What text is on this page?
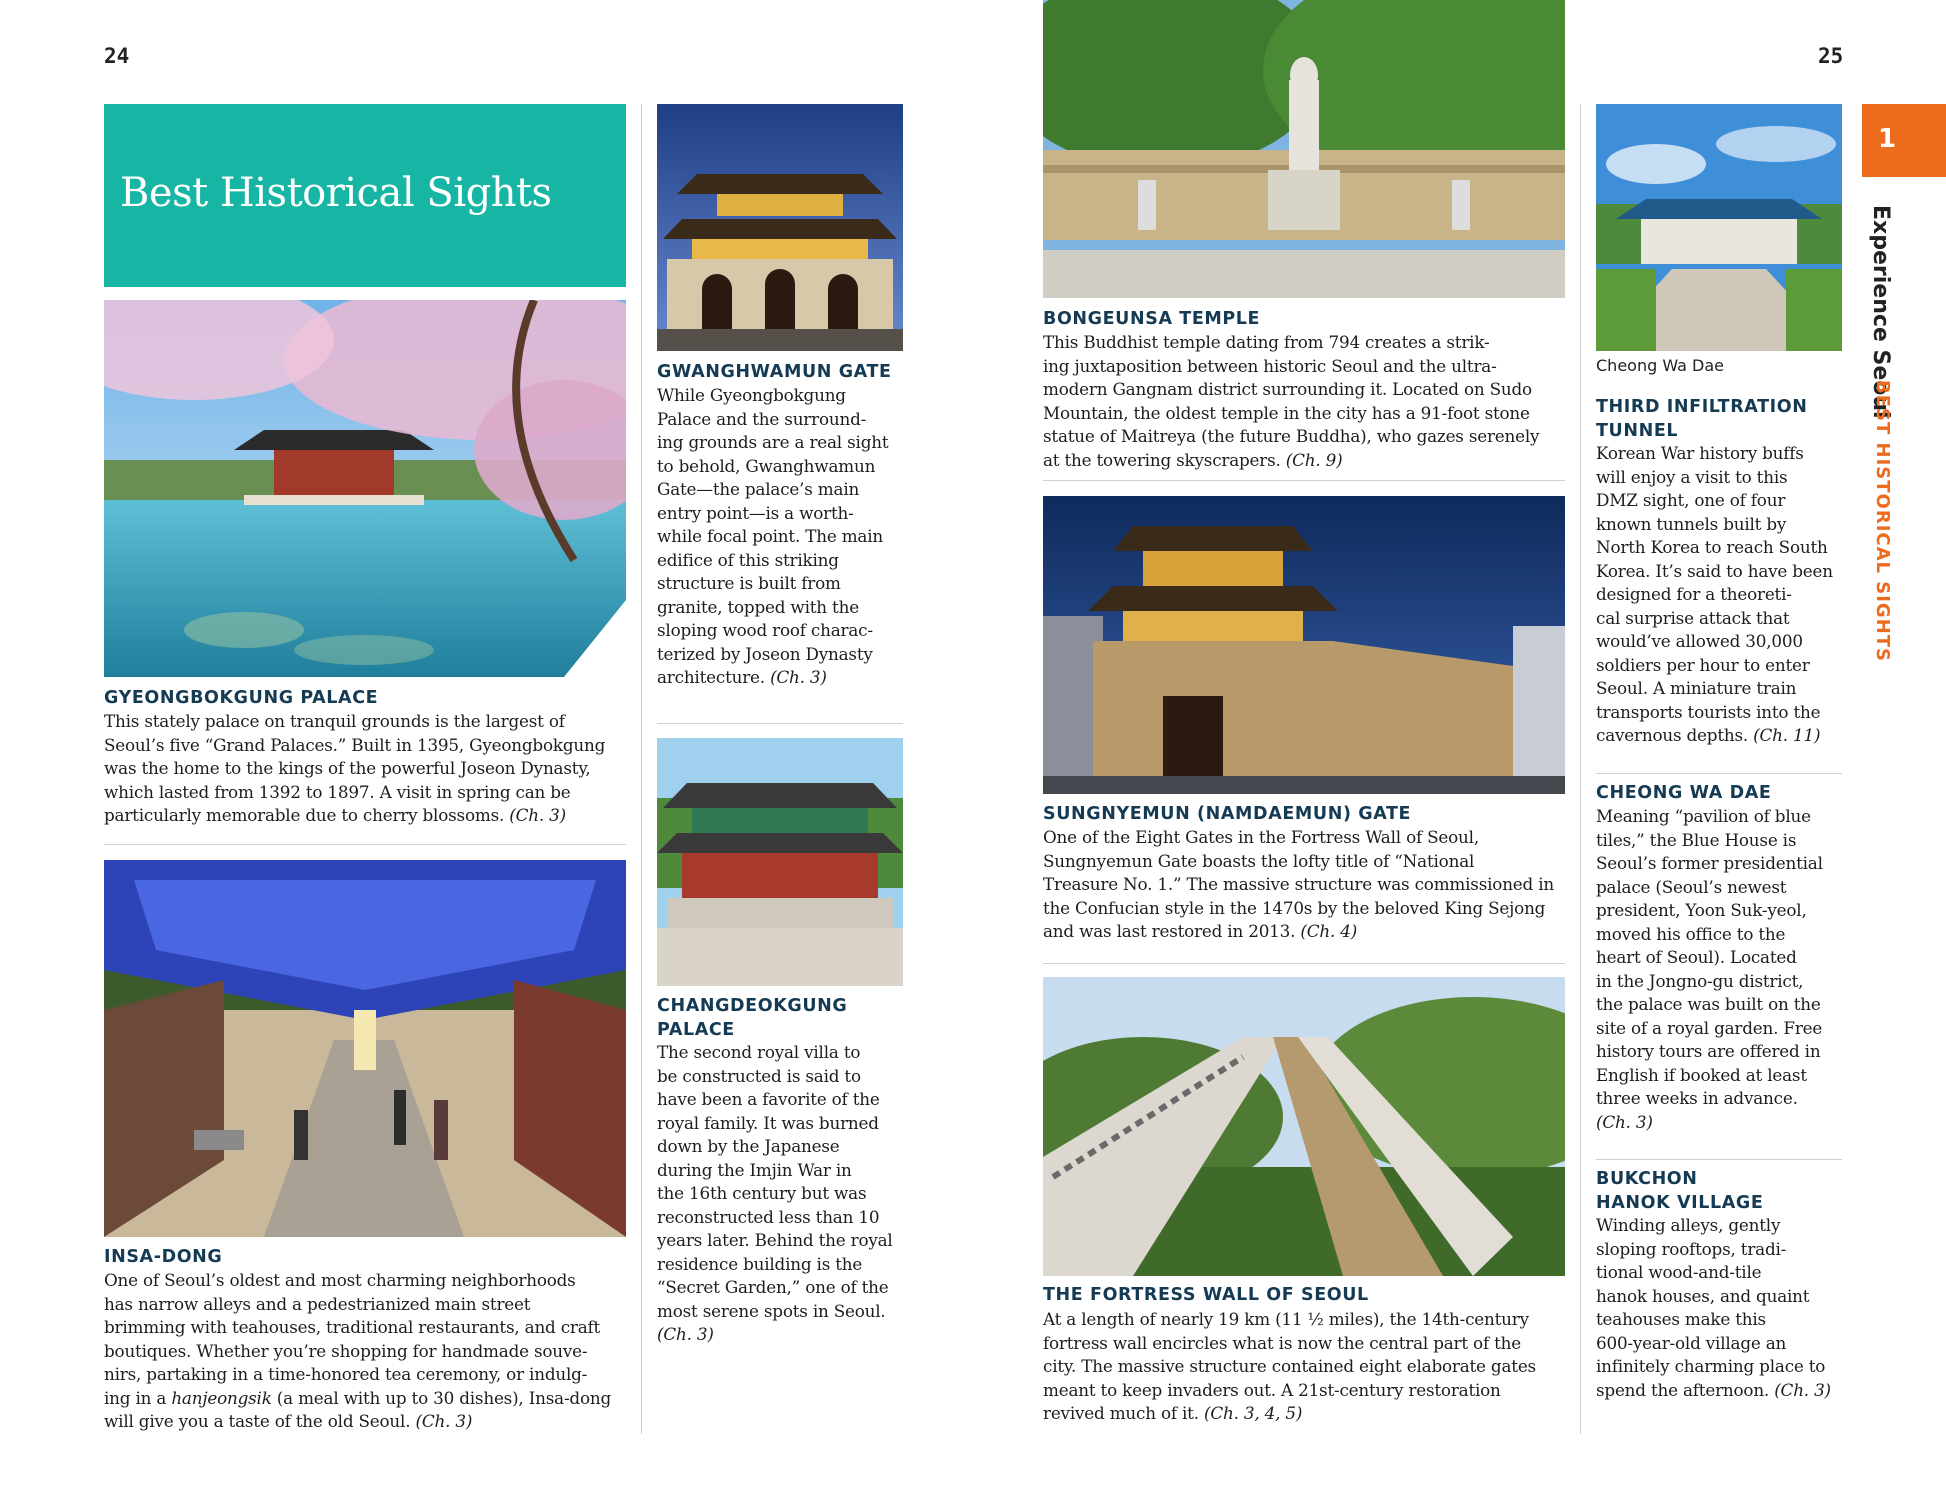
24	25
Best Historical Sights
GYEONGBOKGUNG PALACE
This stately palace on tranquil grounds is the largest of
Seoul’s five “Grand Palaces.” Built in 1395, Gyeongbokgung
was the home to the kings of the powerful Joseon Dynasty,
which lasted from 1392 to 1897. A visit in spring can be
particularly memorable due to cherry blossoms. (Ch. 3)
INSA-DONG
One of Seoul’s oldest and most charming neighborhoods
has narrow alleys and a pedestrianized main street
brimming with teahouses, traditional restaurants, and craft
boutiques. Whether you’re shopping for handmade souve-
nirs, partaking in a time-honored tea ceremony, or indulg-
ing in a hanjeongsik (a meal with up to 30 dishes), Insa-dong
will give you a taste of the old Seoul. (Ch. 3)
GWANGHWAMUN GATE
While Gyeongbokgung
Palace and the surround-
ing grounds are a real sight
to behold, Gwanghwamun
Gate—the palace’s main
entry point—is a worth-
while focal point. The main
edifice of this striking
structure is built from
granite, topped with the
sloping wood roof charac-
terized by Joseon Dynasty
architecture. (Ch. 3)
CHANGDEOKGUNG
PALACE
The second royal villa to
be constructed is said to
have been a favorite of the
royal family. It was burned
down by the Japanese
during the Imjin War in
the 16th century but was
reconstructed less than 10
years later. Behind the royal
residence building is the
“Secret Garden,” one of the
most serene spots in Seoul.
(Ch. 3)
BONGEUNSA TEMPLE
This Buddhist temple dating from 794 creates a strik-
ing juxtaposition between historic Seoul and the ultra-
modern Gangnam district surrounding it. Located on Sudo
Mountain, the oldest temple in the city has a 91-foot stone
statue of Maitreya (the future Buddha), who gazes serenely
at the towering skyscrapers. (Ch. 9)
SUNGNYEMUN (NAMDAEMUN) GATE
One of the Eight Gates in the Fortress Wall of Seoul,
Sungnyemun Gate boasts the lofty title of “National
Treasure No. 1.” The massive structure was commissioned in
the Confucian style in the 1470s by the beloved King Sejong
and was last restored in 2013. (Ch. 4)
THE FORTRESS WALL OF SEOUL
At a length of nearly 19 km (11 ½ miles), the 14th-century
fortress wall encircles what is now the central part of the
city. The massive structure contained eight elaborate gates
meant to keep invaders out. A 21st-century restoration
revived much of it. (Ch. 3, 4, 5)
Cheong Wa Dae
THIRD INFILTRATION
TUNNEL
Korean War history buffs
will enjoy a visit to this
DMZ sight, one of four
known tunnels built by
North Korea to reach South
Korea. It’s said to have been
designed for a theoreti-
cal surprise attack that
would’ve allowed 30,000
soldiers per hour to enter
Seoul. A miniature train
transports tourists into the
cavernous depths. (Ch. 11)
CHEONG WA DAE
Meaning “pavilion of blue
tiles,” the Blue House is
Seoul’s former presidential
palace (Seoul’s newest
president, Yoon Suk-yeol,
moved his office to the
heart of Seoul). Located
in the Jongno-gu district,
the palace was built on the
site of a royal garden. Free
history tours are offered in
English if booked at least
three weeks in advance.
(Ch. 3)
BUKCHON
HANOK VILLAGE
Winding alleys, gently
sloping rooftops, tradi-
tional wood-and-tile
hanok houses, and quaint
teahouses make this
600-year-old village an
infinitely charming place to
spend the afternoon. (Ch. 3)
1
Experience Seoul
BEST HISTORICAL SIGHTS
